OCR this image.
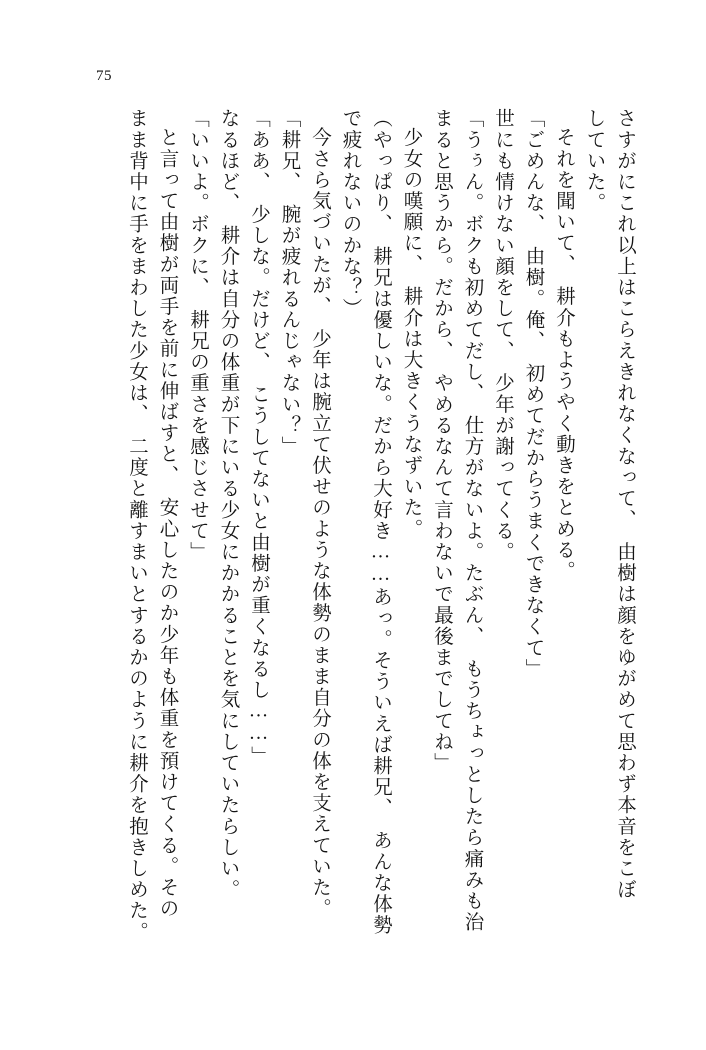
75
さすがにこれ以上はこらえきれなくなって、　由樹は顔をゆがめて思わず本音をこぼ
していた。
それを聞いて、　耕介もようやく動きをとめる。
「ごめんな、　由樹。俺、　初めてだからうまくできなくて」
世にも情けない顔をして、　少年が謝ってくる。
「うぅん。ボクも初めてだし、　仕方がないよ。たぶん、　もうちょっとしたら痛みも治
まると思うから。だから、　やめるなんて言わないで最後までしてね」
少女の嘆願に、　耕介は大きくうなずいた。
（やっぱり、　耕兄は優しいな。だから大好き……あっ。そういえば耕兄、　あんな体勢
で疲れないのかな？）
今さら気づいたが、　少年は腕立て伏せのような体勢のまま自分の体を支えていた。
「耕兄、　腕が疲れるんじゃない？」
「ああ、　少しな。だけど、　こうしてないと由樹が重くなるし……」
なるほど、　耕介は自分の体重が下にいる少女にかかることを気にしていたらしい。
「いいよ。ボクに、　耕兄の重さを感じさせて」
と言って由樹が両手を前に伸ばすと、　安心したのか少年も体重を預けてくる。その
まま背中に手をまわした少女は、　二度と離すまいとするかのように耕介を抱きしめた。
